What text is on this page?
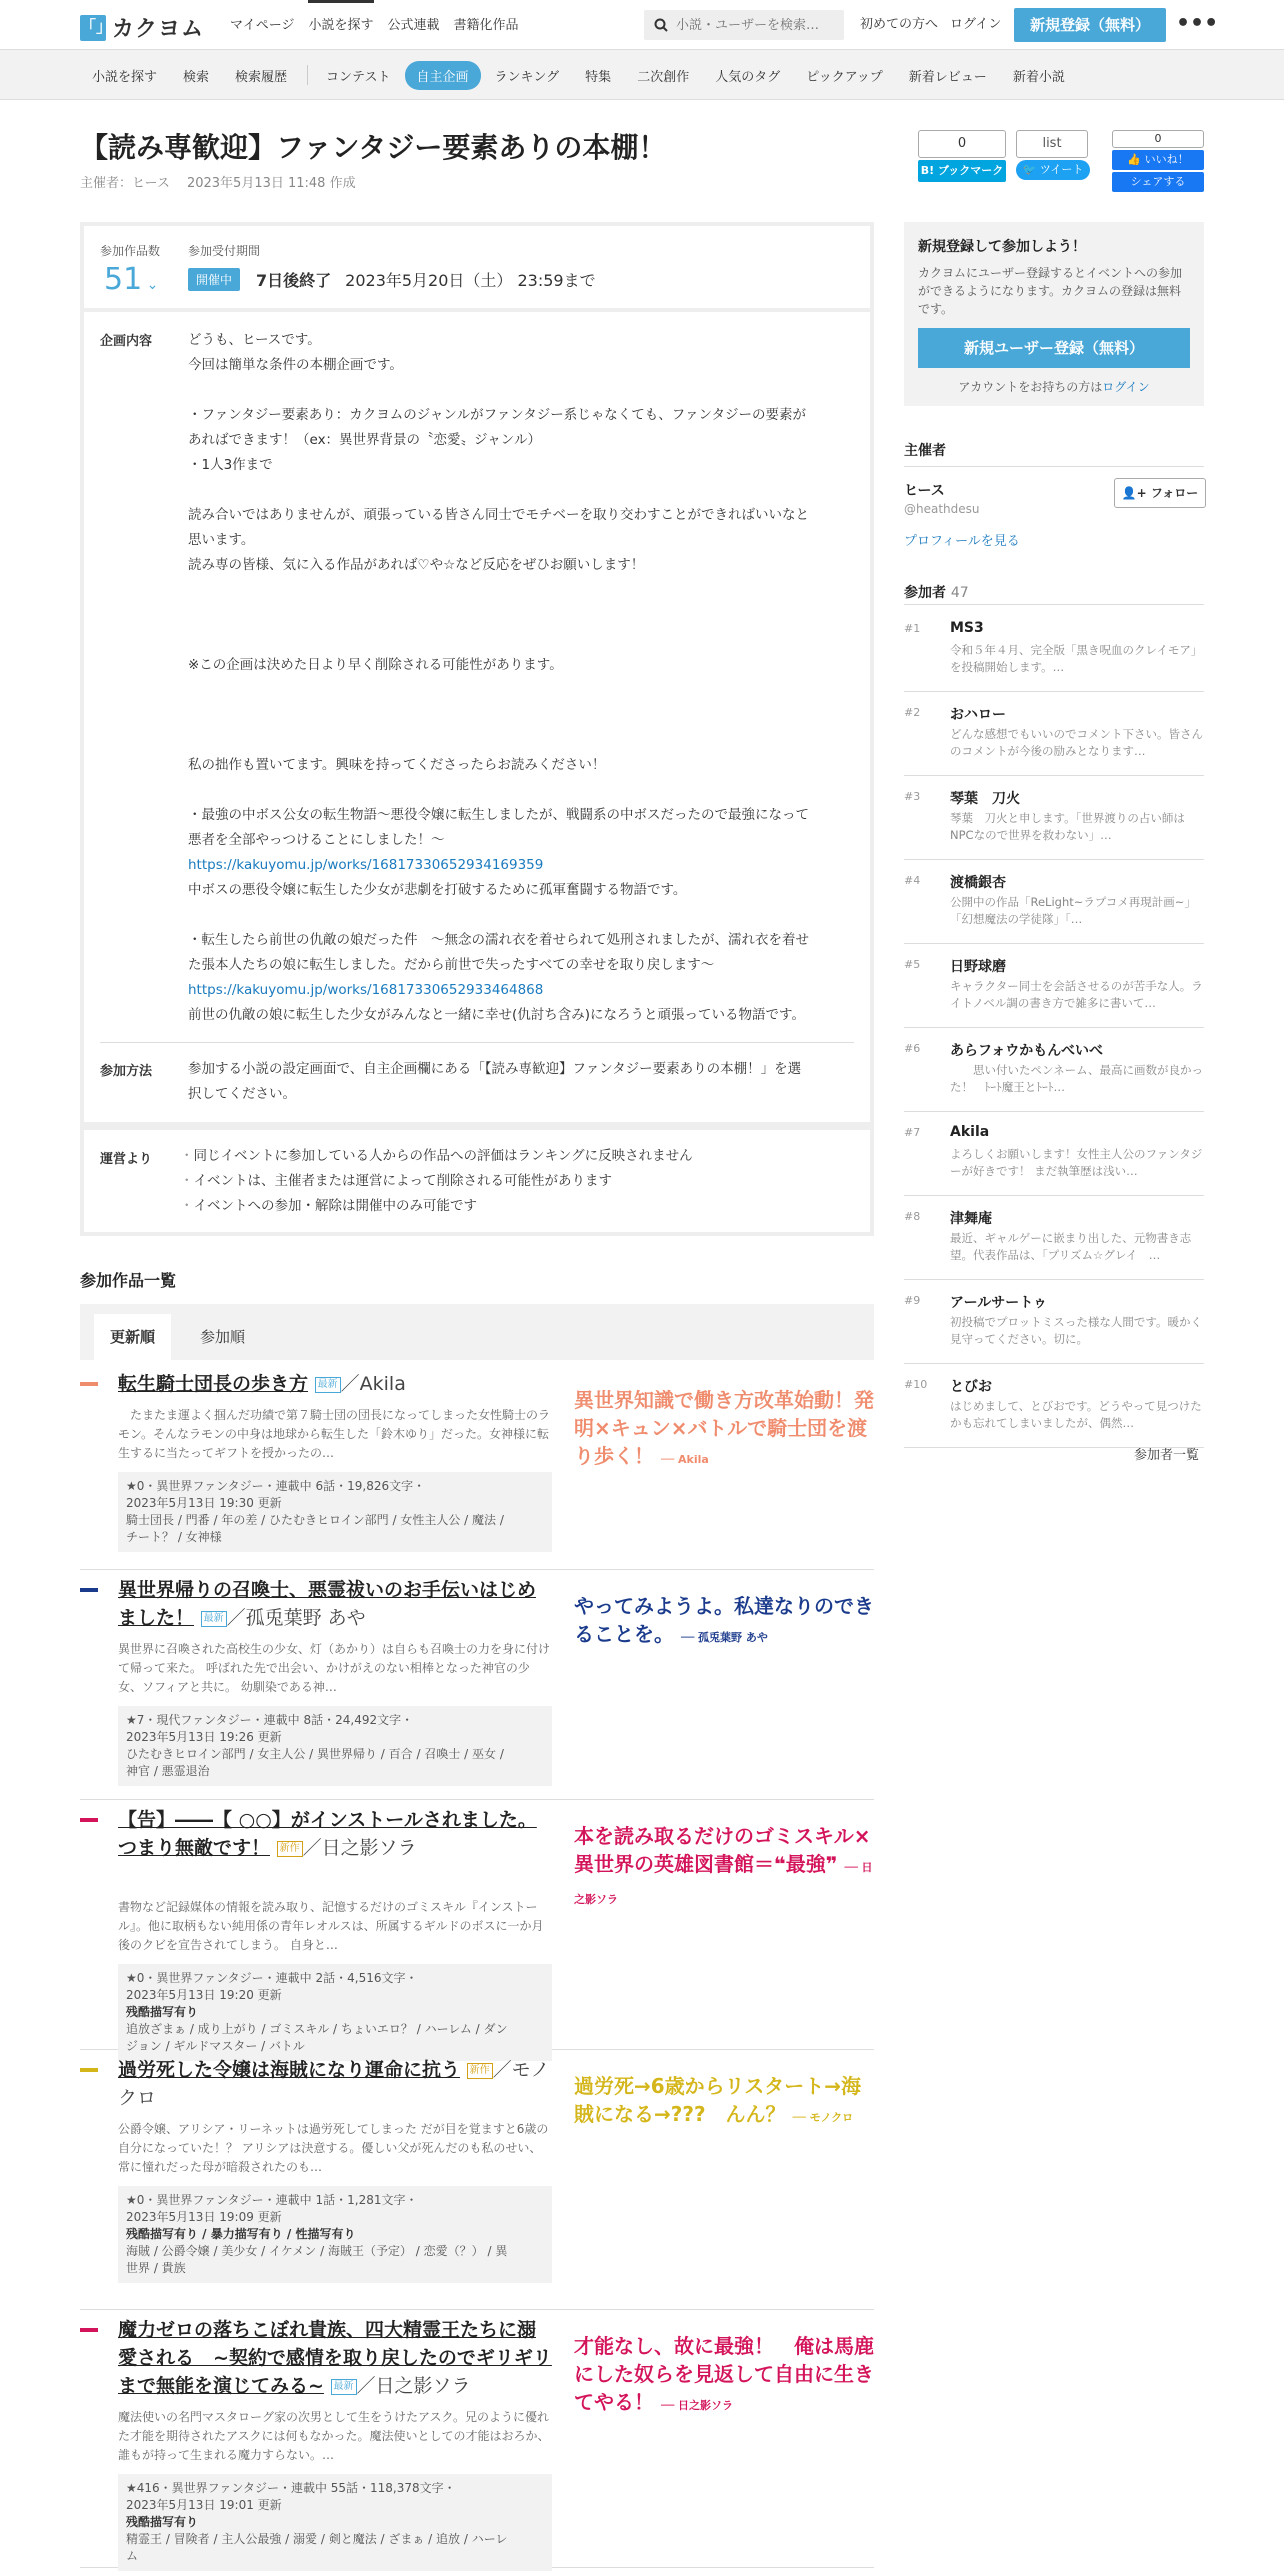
「」 カクヨム マイページ 小説を探す 公式連載 書籍化作品
小説・ユーザーを検索…	初めての方へ ログイン	新規登録（無料）	•••
小説を探す	検索	検索履歴	コンテスト	自主企画	ランキング	特集	二次創作	人気のタグ	ピックアップ	新着レビュー	新着小説
【読み専歓迎】ファンタジー要素ありの本棚！
主催者：ヒース　 2023年5月13日 11:48 作成
0
B! ブックマーク
list
🐦 ツイート
0
👍 いいね！
シェアする
参加作品数
51 ⌄
参加受付期間
開催中	7日後終了 2023年5月20日（土） 23:59まで
企画内容	どうも、ヒースです。

今回は簡単な条件の本棚企画です。

・ファンタジー要素あり：カクヨムのジャンルがファンタジー系じゃなくても、ファンタジーの要素が

あればできます！（ex：異世界背景の〝恋愛〟ジャンル）

・1人3作まで

読み合いではありませんが、頑張っている皆さん同士でモチベーを取り交わすことができればいいなと

思います。

読み専の皆様、気に入る作品があれば♡や☆など反応をぜひお願いします！

※この企画は決めた日より早く削除される可能性があります。

私の拙作も置いてます。興味を持ってくださったらお読みください！

・最強の中ボス公女の転生物語～悪役令嬢に転生しましたが、戦闘系の中ボスだったので最強になって

悪者を全部やっつけることにしました！～

https://kakuyomu.jp/works/16817330652934169359

中ボスの悪役令嬢に転生した少女が悲劇を打破するために孤軍奮闘する物語です。

・転生したら前世の仇敵の娘だった件　～無念の濡れ衣を着せられて処刑されましたが、濡れ衣を着せ

た張本人たちの娘に転生しました。だから前世で失ったすべての幸せを取り戻します～

https://kakuyomu.jp/works/16817330652933464868

前世の仇敵の娘に転生した少女がみんなと一緒に幸せ(仇討ち含み)になろうと頑張っている物語です。

参加方法	参加する小説の設定画面で、自主企画欄にある「【読み専歓迎】ファンタジー要素ありの本棚！」を選

択してください。

運営より
・	同じイベントに参加している人からの作品への評価はランキングに反映されません
・ イベントは、主催者または運営によって削除される可能性があります
・ イベントへの参加・解除は開催中のみ可能です
参加作品一覧
更新順	参加順
転生騎士団長の歩き方 最新 ／Akila
　たまたま運よく掴んだ功績で第７騎士団の団長になってしまった女性騎士のラモン。そんなラモンの中身は地球から転生した「鈴木ゆり」だった。女神様に転生するに当たってギフトを授かったの…
★0・異世界ファンタジー・連載中 6話・19,826文字・
2023年5月13日 19:30 更新
騎士団長 / 門番 / 年の差 / ひたむきヒロイン部門 / 女性主人公 / 魔法 /
チート？ / 女神様
異世界知識で働き方改革始動！発明×キュン×バトルで騎士団を渡り歩く！ ── Akila
異世界帰りの召喚士、悪霊祓いのお手伝いはじめました！ 最新 ／孤兎葉野 あや
異世界に召喚された高校生の少女、灯（あかり）は自らも召喚士の力を身に付けて帰って来た。 呼ばれた先で出会い、かけがえのない相棒となった神官の少女、ソフィアと共に。 幼馴染である神…
★7・現代ファンタジー・連載中 8話・24,492文字・
2023年5月13日 19:26 更新
ひたむきヒロイン部門 / 女主人公 / 異世界帰り / 百合 / 召喚士 / 巫女 /
神官 / 悪霊退治
やってみようよ。私達なりのできることを。 ── 孤兎葉野 あや
【告】――【 ○○】がインストールされました。つまり無敵です！ 新作 ／日之影ソラ
書物など記録媒体の情報を読み取り、記憶するだけのゴミスキル『インストール』。他に取柄もない純用係の青年レオルスは、所属するギルドのボスに一か月後のクビを宣告されてしまう。 自身と…
★0・異世界ファンタジー・連載中 2話・4,516文字・
2023年5月13日 19:20 更新
残酷描写有り
追放ざまぁ / 成り上がり / ゴミスキル / ちょいエロ？ / ハーレム / ダン
ジョン / ギルドマスター / バトル
本を読み取るだけのゴミスキル×異世界の英雄図書館＝❝最強❞ ── 日之影ソラ
過労死した令嬢は海賊になり運命に抗う 新作 ／モノクロ
公爵令嬢、アリシア・リーネットは過労死してしまった だが目を覚ますと6歳の自分になっていた！？ アリシアは決意する。優しい父が死んだのも私のせい、常に憧れだった母が暗殺されたのも…
★0・異世界ファンタジー・連載中 1話・1,281文字・
2023年5月13日 19:09 更新
残酷描写有り / 暴力描写有り / 性描写有り
海賊 / 公爵令嬢 / 美少女 / イケメン / 海賊王（予定） / 恋愛（？） / 異
世界 / 貴族
過労死→6歳からリスタート→海賊になる→???　んん？ ── モノクロ
魔力ゼロの落ちこぼれ貴族、四大精霊王たちに溺愛される　~契約で感情を取り戻したのでギリギリまで無能を演じてみる~ 最新 ／日之影ソラ
魔法使いの名門マスタローグ家の次男として生をうけたアスク。兄のように優れた才能を期待されたアスクには何もなかった。魔法使いとしての才能はおろか、誰もが持って生まれる魔力すらない。…
★416・異世界ファンタジー・連載中 55話・118,378文字・
2023年5月13日 19:01 更新
残酷描写有り
精霊王 / 冒険者 / 主人公最強 / 溺愛 / 剣と魔法 / ざまぁ / 追放 / ハーレ
ム
才能なし、故に最強！　俺は馬鹿にした奴らを見返して自由に生きてやる！ ── 日之影ソラ
新規登録して参加しよう！

カクヨムにユーザー登録するとイベントへの参加ができるようになります。カクヨムの登録は無料です。

新規ユーザー登録（無料）
アカウントをお持ちの方はログイン
主催者
ヒース
@heathdesu
👤+ フォロー
プロフィールを見る
参加者 47
#1 MS3
令和５年４月、完全版「黒き呪血のクレイモア」を投稿開始します。…
#2 おハロー
どんな感想でもいいのでコメント下さい。皆さんのコメントが今後の励みとなります…
#3 琴葉　刀火
琴葉　刀火と申します。「世界渡りの占い師はNPCなので世界を救わない」…
#4 渡橋銀杏
公開中の作品「ReLight~ラプコメ再現計画~」「幻想魔法の学徒隊」「…
#5 日野球磨
キャラクター同士を会話させるのが苦手な人。ライトノベル調の書き方で雑多に書いて…
#6 あらフォウかもんべいべ
　　思い付いたペンネーム、最高に画数が良かった！　ﾄｰﾄ魔王とﾄｰﾄ…
#7 Akila
よろしくお願いします！女性主人公のファンタジーが好きです！ まだ執筆歴は浅い…
#8 津舞庵
最近、ギャルゲーに嵌まり出した、元物書き志望。代表作品は、「プリズム☆グレイ　…
#9 アールサートゥ
初投稿でプロットミスった様な人間です。暖かく見守ってください。切に。
#10 とびお
はじめまして、とびおです。どうやって見つけたかも忘れてしまいましたが、偶然…
参加者一覧
